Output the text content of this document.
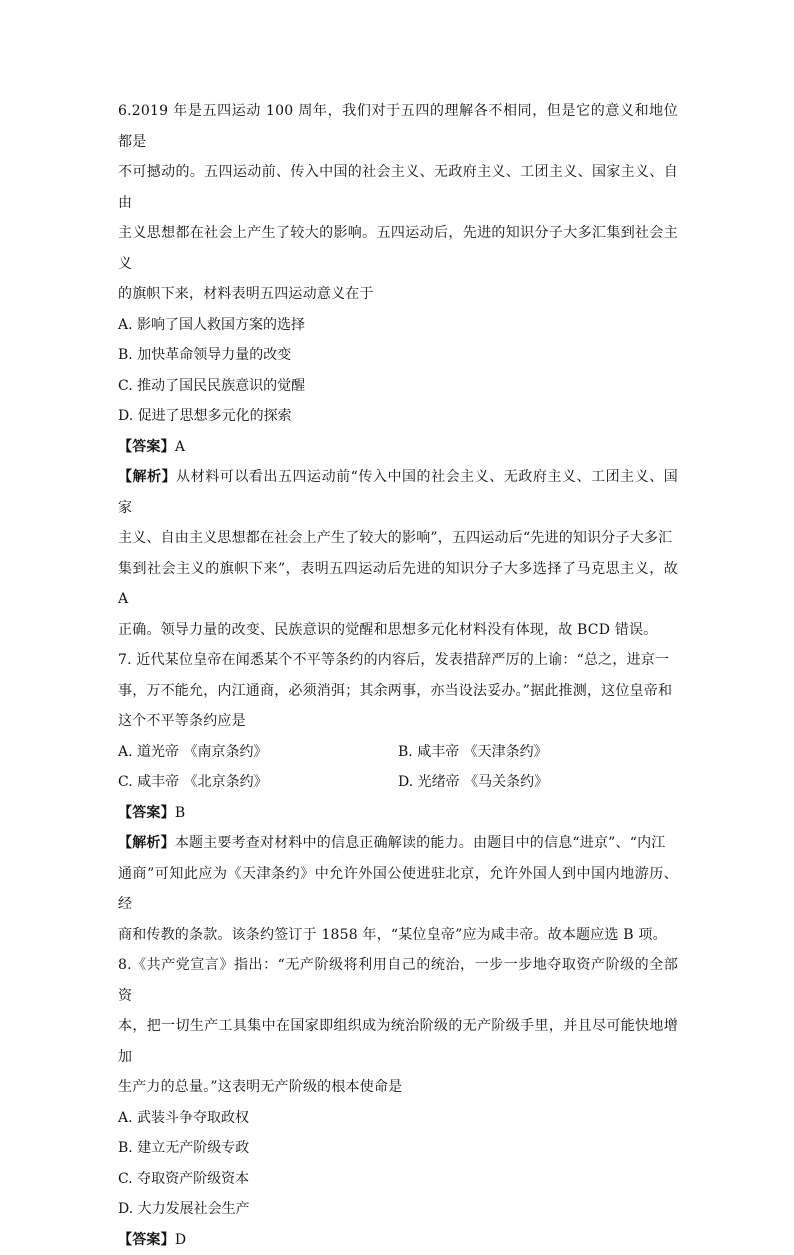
6.2019 年是五四运动 100 周年，我们对于五四的理解各不相同，但是它的意义和地位都是

不可撼动的。五四运动前、传入中国的社会主义、无政府主义、工团主义、国家主义、自由

主义思想都在社会上产生了较大的影响。五四运动后，先进的知识分子大多汇集到社会主义

的旗帜下来，材料表明五四运动意义在于

A. 影响了国人救国方案的选择

B. 加快革命领导力量的改变

C. 推动了国民民族意识的觉醒

D. 促进了思想多元化的探索

【答案】A

【解析】从材料可以看出五四运动前“传入中国的社会主义、无政府主义、工团主义、国家

主义、自由主义思想都在社会上产生了较大的影响”，五四运动后“先进的知识分子大多汇

集到社会主义的旗帜下来”，表明五四运动后先进的知识分子大多选择了马克思主义，故 A

正确。领导力量的改变、民族意识的觉醒和思想多元化材料没有体现，故 BCD 错误。

7. 近代某位皇帝在闻悉某个不平等条约的内容后，发表措辞严厉的上谕：“总之，进京一

事，万不能允，内江通商，必须消弭；其余两事，亦当设法妥办。”据此推测，这位皇帝和

这个不平等条约应是

A. 道光帝 《南京条约》	B. 咸丰帝 《天津条约》

C. 咸丰帝 《北京条约》	D. 光绪帝 《马关条约》

【答案】B

【解析】本题主要考查对材料中的信息正确解读的能力。由题目中的信息“进京”、“内江

通商”可知此应为《天津条约》中允许外国公使进驻北京，允许外国人到中国内地游历、经

商和传教的条款。该条约签订于 1858 年，“某位皇帝”应为咸丰帝。故本题应选 B 项。

8.《共产党宣言》指出：“无产阶级将利用自己的统治，一步一步地夺取资产阶级的全部资

本，把一切生产工具集中在国家即组织成为统治阶级的无产阶级手里，并且尽可能快地增加

生产力的总量。”这表明无产阶级的根本使命是

A. 武装斗争夺取政权

B. 建立无产阶级专政

C. 夺取资产阶级资本

D. 大力发展社会生产

【答案】D
